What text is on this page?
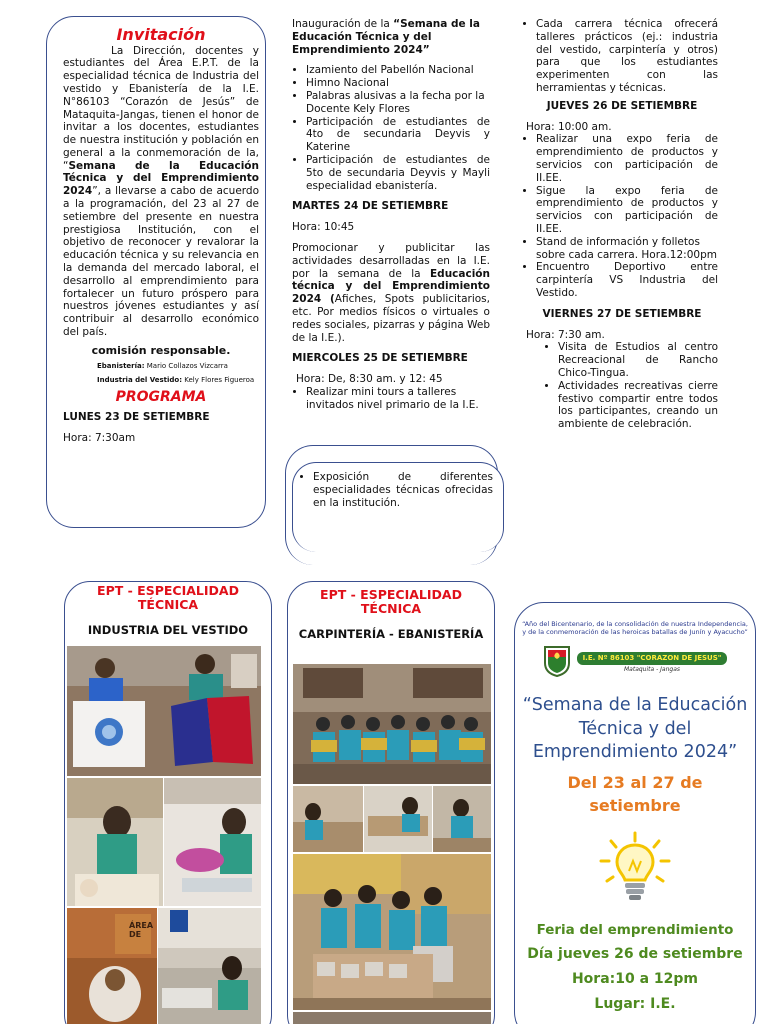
Invitación

La Dirección, docentes y estudiantes del Área E.P.T. de la especialidad técnica de Industria del vestido y Ebanistería de la I.E. N°86103 “Corazón de Jesús” de Mataquita-Jangas, tienen el honor de invitar a los docentes, estudiantes de nuestra institución y población en general a la conmemoración de la, “Semana de la Educación Técnica y del Emprendimiento 2024”, a llevarse a cabo de acuerdo a la programación, del 23 al 27 de setiembre del presente en nuestra prestigiosa Institución, con el objetivo de reconocer y revalorar la educación técnica y su relevancia en la demanda del mercado laboral, el desarrollo al emprendimiento para fortalecer un futuro próspero para nuestros jóvenes estudiantes y así contribuir al desarrollo económico del país.

comisión responsable.
Ebanistería: Mario Collazos Vizcarra
Industria del Vestido: Kely Flores Figueroa
PROGRAMA
LUNES 23 DE SETIEMBRE
Hora: 7:30am

Inauguración de la “Semana de la Educación Técnica y del Emprendimiento 2024”

• Izamiento del Pabellón Nacional
• Himno Nacional
• Palabras alusivas a la fecha por la Docente Kely Flores
• Participación de estudiantes de 4to de secundaria Deyvis y Katerine
• Participación de estudiantes de 5to de secundaria Deyvis y Mayli especialidad ebanistería.
MARTES 24 DE SETIEMBRE
Hora: 10:45

Promocionar y publicitar las actividades desarrolladas en la I.E. por la semana de la Educación técnica y del Emprendimiento 2024 (Afiches, Spots publicitarios, etc. Por medios físicos o virtuales o redes sociales, pizarras y página Web de la I.E.).

MIERCOLES 25 DE SETIEMBRE
Hora: De, 8:30 am. y 12: 45
• Realizar mini tours a talleres invitados nivel primario de la I.E.
• Exposición de diferentes especialidades técnicas ofrecidas en la institución.
• Cada carrera técnica ofrecerá talleres prácticos (ej.: industria del vestido, carpintería y otros) para que los estudiantes experimenten con las herramientas y técnicas.
JUEVES 26 DE SETIEMBRE
Hora: 10:00 am.
• Realizar una expo feria de emprendimiento de productos y servicios con participación de II.EE.
• Sigue la expo feria de emprendimiento de productos y servicios con participación de II.EE.
• Stand de información y folletos sobre cada carrera. Hora.12:00pm
• Encuentro Deportivo entre carpintería VS Industria del Vestido.
VIERNES 27 DE SETIEMBRE
Hora: 7:30 am.
• Visita de Estudios al centro Recreacional de Rancho Chico-Tingua.
• Actividades recreativas cierre festivo compartir entre todos los participantes, creando un ambiente de celebración.
EPT - ESPECIALIDAD TÉCNICA
INDUSTRIA DEL VESTIDO
ÁREA
DE
EPT - ESPECIALIDAD TÉCNICA
CARPINTERÍA - EBANISTERÍA
“Año del Bicentenario, de la consolidación de nuestra Independencia, y de la conmemoración de las heroicas batallas de Junín y Ayacucho”
I.E. Nº 86103 "CORAZON DE JESUS"
Mataquita - Jangas
“Semana de la Educación Técnica y del Emprendimiento 2024”
Del 23 al 27 de setiembre
Feria del emprendimiento
Día jueves 26 de setiembre
Hora:10 a 12pm
Lugar: I.E.
